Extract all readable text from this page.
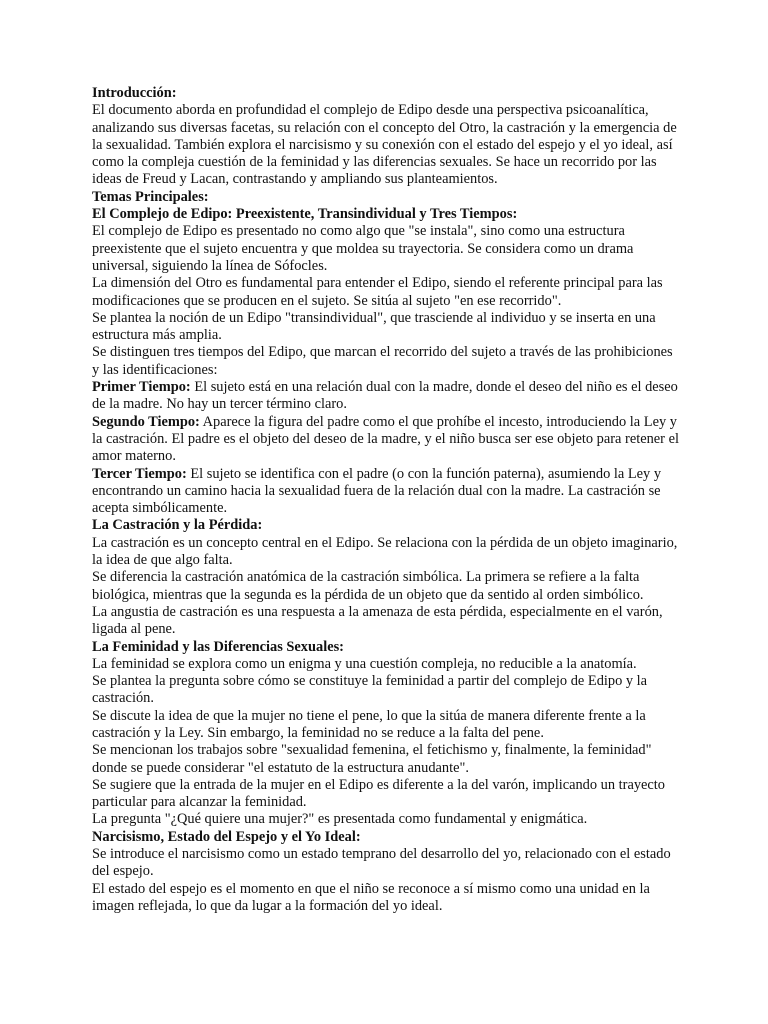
Introducción:

El documento aborda en profundidad el complejo de Edipo desde una perspectiva psicoanalítica, analizando sus diversas facetas, su relación con el concepto del Otro, la castración y la emergencia de la sexualidad. También explora el narcisismo y su conexión con el estado del espejo y el yo ideal, así como la compleja cuestión de la feminidad y las diferencias sexuales. Se hace un recorrido por las ideas de Freud y Lacan, contrastando y ampliando sus planteamientos.

Temas Principales:

El Complejo de Edipo: Preexistente, Transindividual y Tres Tiempos:

El complejo de Edipo es presentado no como algo que "se instala", sino como una estructura preexistente que el sujeto encuentra y que moldea su trayectoria. Se considera como un drama universal, siguiendo la línea de Sófocles.

La dimensión del Otro es fundamental para entender el Edipo, siendo el referente principal para las modificaciones que se producen en el sujeto. Se sitúa al sujeto "en ese recorrido".

Se plantea la noción de un Edipo "transindividual", que trasciende al individuo y se inserta en una estructura más amplia.

Se distinguen tres tiempos del Edipo, que marcan el recorrido del sujeto a través de las prohibiciones y las identificaciones:

Primer Tiempo: El sujeto está en una relación dual con la madre, donde el deseo del niño es el deseo de la madre. No hay un tercer término claro.

Segundo Tiempo: Aparece la figura del padre como el que prohíbe el incesto, introduciendo la Ley y la castración. El padre es el objeto del deseo de la madre, y el niño busca ser ese objeto para retener el amor materno.

Tercer Tiempo: El sujeto se identifica con el padre (o con la función paterna), asumiendo la Ley y encontrando un camino hacia la sexualidad fuera de la relación dual con la madre. La castración se acepta simbólicamente.

La Castración y la Pérdida:

La castración es un concepto central en el Edipo. Se relaciona con la pérdida de un objeto imaginario, la idea de que algo falta.

Se diferencia la castración anatómica de la castración simbólica. La primera se refiere a la falta biológica, mientras que la segunda es la pérdida de un objeto que da sentido al orden simbólico.

La angustia de castración es una respuesta a la amenaza de esta pérdida, especialmente en el varón, ligada al pene.

La Feminidad y las Diferencias Sexuales:

La feminidad se explora como un enigma y una cuestión compleja, no reducible a la anatomía.

Se plantea la pregunta sobre cómo se constituye la feminidad a partir del complejo de Edipo y la castración.

Se discute la idea de que la mujer no tiene el pene, lo que la sitúa de manera diferente frente a la castración y la Ley. Sin embargo, la feminidad no se reduce a la falta del pene.

Se mencionan los trabajos sobre "sexualidad femenina, el fetichismo y, finalmente, la feminidad" donde se puede considerar "el estatuto de la estructura anudante".

Se sugiere que la entrada de la mujer en el Edipo es diferente a la del varón, implicando un trayecto particular para alcanzar la feminidad.

La pregunta "¿Qué quiere una mujer?" es presentada como fundamental y enigmática.

Narcisismo, Estado del Espejo y el Yo Ideal:

Se introduce el narcisismo como un estado temprano del desarrollo del yo, relacionado con el estado del espejo.

El estado del espejo es el momento en que el niño se reconoce a sí mismo como una unidad en la imagen reflejada, lo que da lugar a la formación del yo ideal.
